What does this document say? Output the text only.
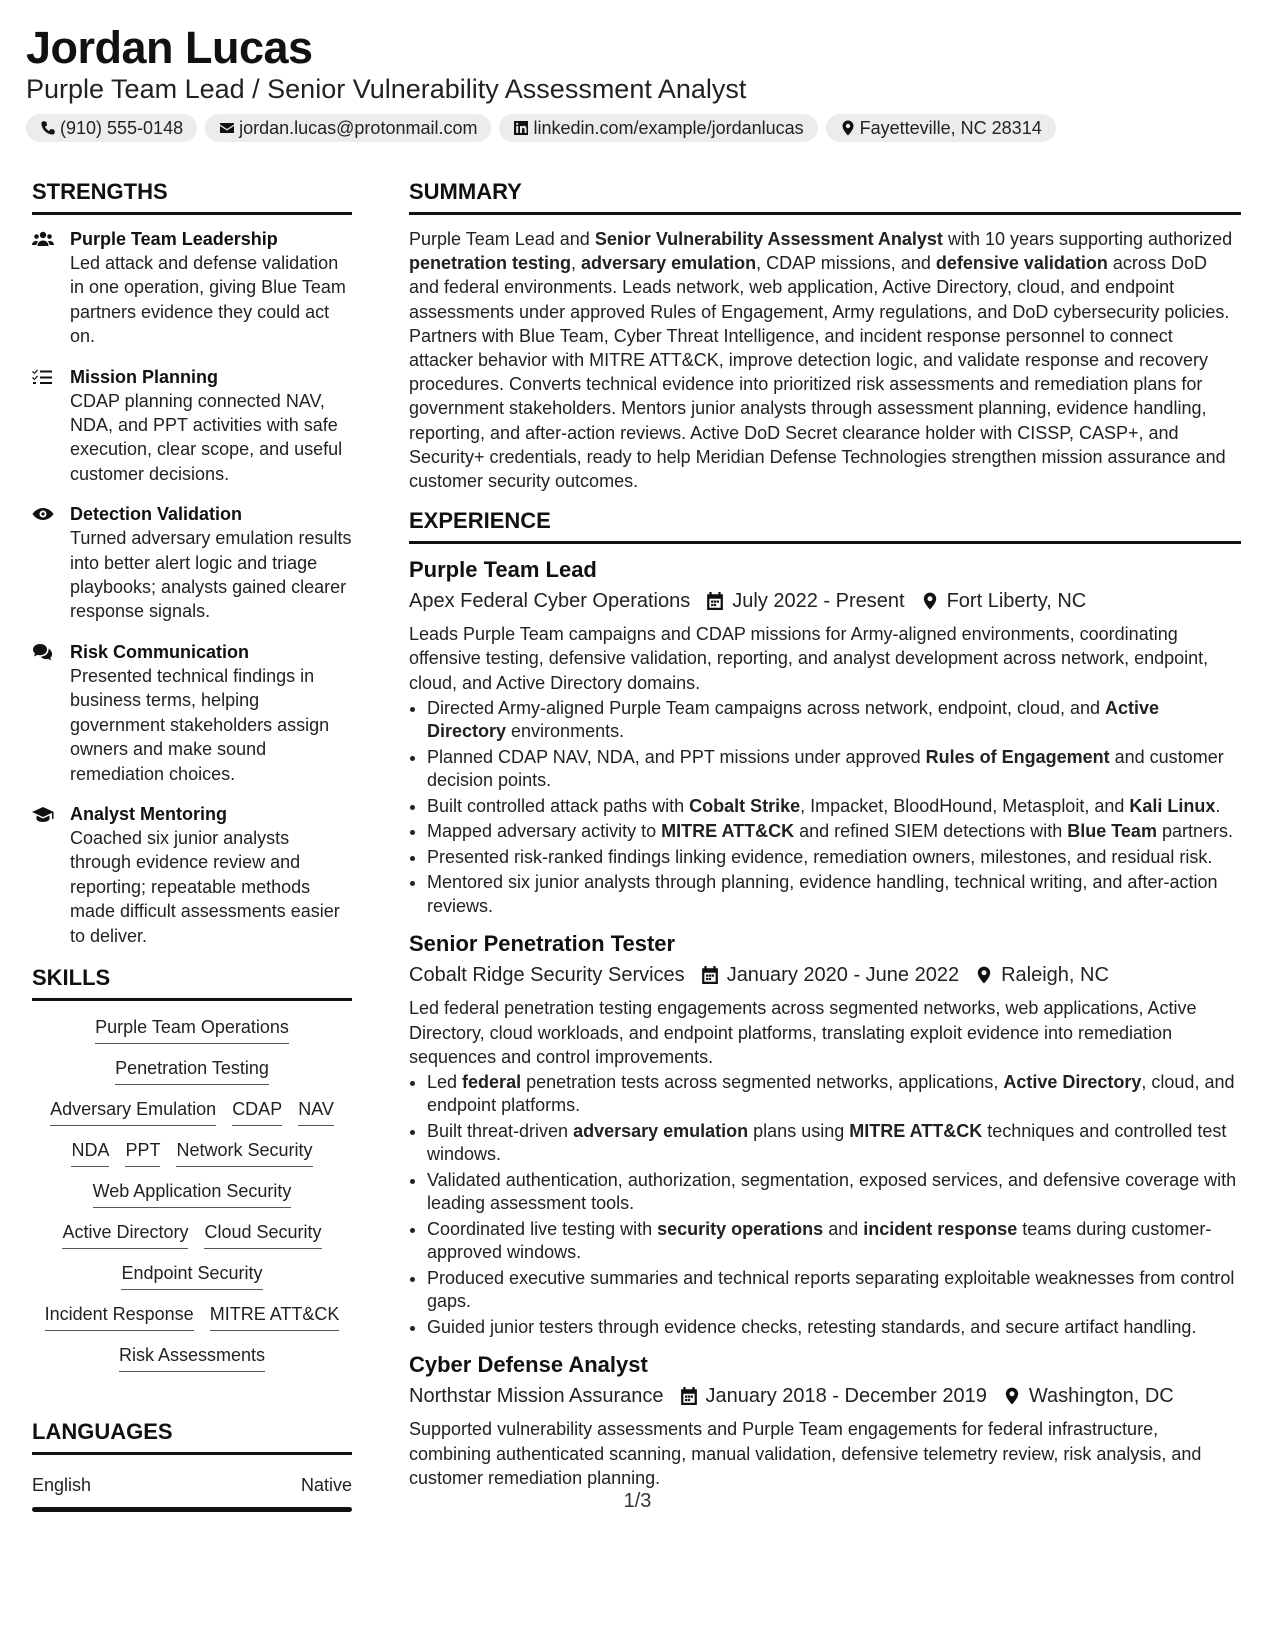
Jordan Lucas
Purple Team Lead / Senior Vulnerability Assessment Analyst
(910) 555-0148	jordan.lucas@protonmail.com	linkedin.com/example/jordanlucas	Fayetteville, NC 28314
STRENGTHS
Purple Team Leadership
Led attack and defense validation in one operation, giving Blue Team partners evidence they could act on.
Mission Planning
CDAP planning connected NAV, NDA, and PPT activities with safe execution, clear scope, and useful customer decisions.
Detection Validation
Turned adversary emulation results into better alert logic and triage playbooks; analysts gained clearer response signals.
Risk Communication
Presented technical findings in business terms, helping government stakeholders assign owners and make sound remediation choices.
Analyst Mentoring
Coached six junior analysts through evidence review and reporting; repeatable methods made difficult assessments easier to deliver.
SKILLS
Purple Team Operations
Penetration Testing
Adversary Emulation CDAP NAV
NDA PPT Network Security
Web Application Security
Active Directory Cloud Security
Endpoint Security
Incident Response MITRE ATT&CK
Risk Assessments
LANGUAGES
English	Native
SUMMARY

Purple Team Lead and Senior Vulnerability Assessment Analyst with 10 years supporting authorized penetration testing, adversary emulation, CDAP missions, and defensive validation across DoD and federal environments. Leads network, web application, Active Directory, cloud, and endpoint assessments under approved Rules of Engagement, Army regulations, and DoD cybersecurity policies. Partners with Blue Team, Cyber Threat Intelligence, and incident response personnel to connect attacker behavior with MITRE ATT&CK, improve detection logic, and validate response and recovery procedures. Converts technical evidence into prioritized risk assessments and remediation plans for government stakeholders. Mentors junior analysts through assessment planning, evidence handling, reporting, and after-action reviews. Active DoD Secret clearance holder with CISSP, CASP+, and Security+ credentials, ready to help Meridian Defense Technologies strengthen mission assurance and customer security outcomes.

EXPERIENCE
Purple Team Lead
Apex Federal Cyber Operations July 2022 - Present Fort Liberty, NC
Leads Purple Team campaigns and CDAP missions for Army-aligned environments, coordinating offensive testing, defensive validation, reporting, and analyst development across network, endpoint, cloud, and Active Directory domains.
• Directed Army-aligned Purple Team campaigns across network, endpoint, cloud, and Active Directory environments.
• Planned CDAP NAV, NDA, and PPT missions under approved Rules of Engagement and customer decision points.
• Built controlled attack paths with Cobalt Strike, Impacket, BloodHound, Metasploit, and Kali Linux.
• Mapped adversary activity to MITRE ATT&CK and refined SIEM detections with Blue Team partners.
• Presented risk-ranked findings linking evidence, remediation owners, milestones, and residual risk.
• Mentored six junior analysts through planning, evidence handling, technical writing, and after-action reviews.
Senior Penetration Tester
Cobalt Ridge Security Services January 2020 - June 2022 Raleigh, NC
Led federal penetration testing engagements across segmented networks, web applications, Active Directory, cloud workloads, and endpoint platforms, translating exploit evidence into remediation sequences and control improvements.
• Led federal penetration tests across segmented networks, applications, Active Directory, cloud, and endpoint platforms.
• Built threat-driven adversary emulation plans using MITRE ATT&CK techniques and controlled test windows.
• Validated authentication, authorization, segmentation, exposed services, and defensive coverage with leading assessment tools.
• Coordinated live testing with security operations and incident response teams during customer-approved windows.
• Produced executive summaries and technical reports separating exploitable weaknesses from control gaps.
• Guided junior testers through evidence checks, retesting standards, and secure artifact handling.
Cyber Defense Analyst
Northstar Mission Assurance January 2018 - December 2019 Washington, DC
Supported vulnerability assessments and Purple Team engagements for federal infrastructure, combining authenticated scanning, manual validation, defensive telemetry review, risk analysis, and customer remediation planning.
1/3
